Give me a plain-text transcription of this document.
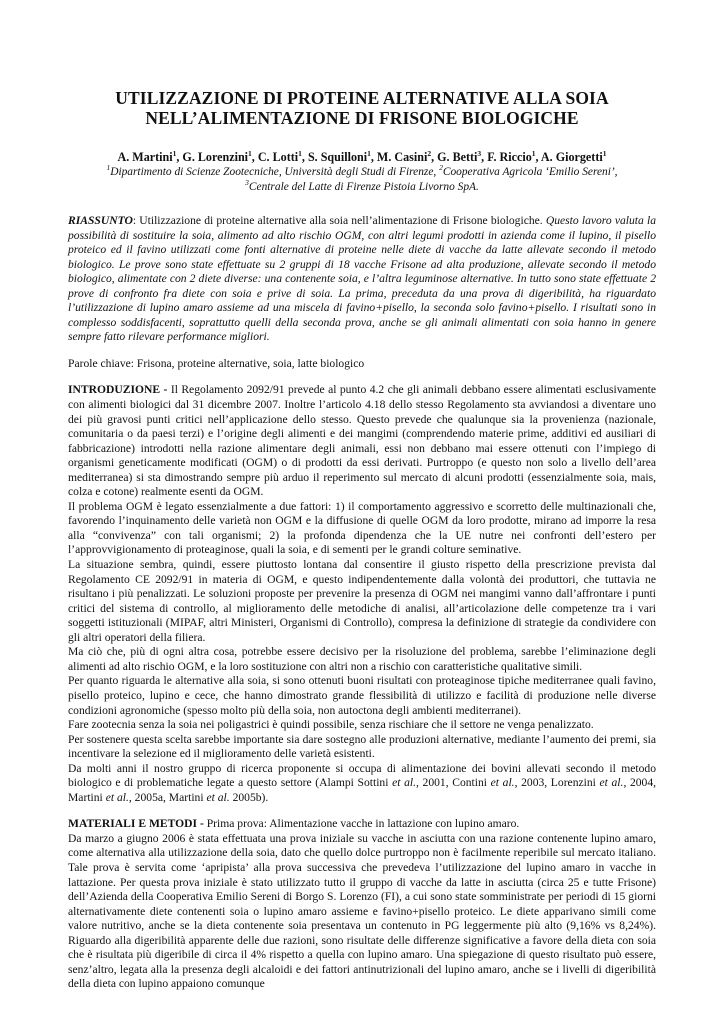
UTILIZZAZIONE DI PROTEINE ALTERNATIVE ALLA SOIA
NELL’ALIMENTAZIONE DI FRISONE BIOLOGICHE
A. Martini$^1$, G. Lorenzini$^1$, C. Lotti$^1$, S. Squilloni$^1$, M. Casini$^2$, G. Betti$^3$, F. Riccio$^1$, A. Giorgetti$^1$
$^1$Dipartimento di Scienze Zootecniche, Università degli Studi di Firenze, $^2$Cooperativa Agricola ‘Emilio Sereni’,
$^3$Centrale del Latte di Firenze Pistoia Livorno SpA.

RIASSUNTO: Utilizzazione di proteine alternative alla soia nell’alimentazione di Frisone biologiche. Questo lavoro valuta la possibilità di sostituire la soia, alimento ad alto rischio OGM, con altri legumi prodotti in azienda come il lupino, il pisello proteico ed il favino utilizzati come fonti alternative di proteine nelle diete di vacche da latte allevate secondo il metodo biologico. Le prove sono state effettuate su 2 gruppi di 18 vacche Frisone ad alta produzione, allevate secondo il metodo biologico, alimentate con 2 diete diverse: una contenente soia, e l’altra leguminose alternative. In tutto sono state effettuate 2 prove di confronto fra diete con soia e prive di soia. La prima, preceduta da una prova di digeribilità, ha riguardato l’utilizzazione di lupino amaro assieme ad una miscela di favino+pisello, la seconda solo favino+pisello. I risultati sono in complesso soddisfacenti, soprattutto quelli della seconda prova, anche se gli animali alimentati con soia hanno in genere sempre fatto rilevare performance migliori.

Parole chiave: Frisona, proteine alternative, soia, latte biologico

INTRODUZIONE - Il Regolamento 2092/91 prevede al punto 4.2 che gli animali debbano essere alimentati esclusivamente con alimenti biologici dal 31 dicembre 2007. Inoltre l’articolo 4.18 dello stesso Regolamento sta avviandosi a diventare uno dei più gravosi punti critici nell’applicazione dello stesso. Questo prevede che qualunque sia la provenienza (nazionale, comunitaria o da paesi terzi) e l’origine degli alimenti e dei mangimi (comprendendo materie prime, additivi ed ausiliari di fabbricazione) introdotti nella razione alimentare degli animali, essi non debbano mai essere ottenuti con l’impiego di organismi geneticamente modificati (OGM) o di prodotti da essi derivati. Purtroppo (e questo non solo a livello dell’area mediterranea) si sta dimostrando sempre più arduo il reperimento sul mercato di alcuni prodotti (essenzialmente soia, mais, colza e cotone) realmente esenti da OGM.

Il problema OGM è legato essenzialmente a due fattori: 1) il comportamento aggressivo e scorretto delle multinazionali che, favorendo l’inquinamento delle varietà non OGM e la diffusione di quelle OGM da loro prodotte, mirano ad imporre la resa alla “convivenza” con tali organismi; 2) la profonda dipendenza che la UE nutre nei confronti dell’estero per l’approvvigionamento di proteaginose, quali la soia, e di sementi per le grandi colture seminative.

La situazione sembra, quindi, essere piuttosto lontana dal consentire il giusto rispetto della prescrizione prevista dal Regolamento CE 2092/91 in materia di OGM, e questo indipendentemente dalla volontà dei produttori, che tuttavia ne risultano i più penalizzati. Le soluzioni proposte per prevenire la presenza di OGM nei mangimi vanno dall’affrontare i punti critici del sistema di controllo, al miglioramento delle metodiche di analisi, all’articolazione delle competenze tra i vari soggetti istituzionali (MIPAF, altri Ministeri, Organismi di Controllo), compresa la definizione di strategie da condividere con gli altri operatori della filiera.

Ma ciò che, più di ogni altra cosa, potrebbe essere decisivo per la risoluzione del problema, sarebbe l’eliminazione degli alimenti ad alto rischio OGM, e la loro sostituzione con altri non a rischio con caratteristiche qualitative simili.

Per quanto riguarda le alternative alla soia, si sono ottenuti buoni risultati con proteaginose tipiche mediterranee quali favino, pisello proteico, lupino e cece, che hanno dimostrato grande flessibilità di utilizzo e facilità di produzione nelle diverse condizioni agronomiche (spesso molto più della soia, non autoctona degli ambienti mediterranei).

Fare zootecnia senza la soia nei poligastrici è quindi possibile, senza rischiare che il settore ne venga penalizzato.

Per sostenere questa scelta sarebbe importante sia dare sostegno alle produzioni alternative, mediante l’aumento dei premi, sia incentivare la selezione ed il miglioramento delle varietà esistenti.

Da molti anni il nostro gruppo di ricerca proponente si occupa di alimentazione dei bovini allevati secondo il metodo biologico e di problematiche legate a questo settore (Alampi Sottini et al., 2001, Contini et al., 2003, Lorenzini et al., 2004, Martini et al., 2005a, Martini et al. 2005b).

MATERIALI E METODI - Prima prova: Alimentazione vacche in lattazione con lupino amaro.

Da marzo a giugno 2006 è stata effettuata una prova iniziale su vacche in asciutta con una razione contenente lupino amaro, come alternativa alla utilizzazione della soia, dato che quello dolce purtroppo non è facilmente reperibile sul mercato italiano. Tale prova è servita come ‘apripista’ alla prova successiva che prevedeva l’utilizzazione del lupino amaro in vacche in lattazione. Per questa prova iniziale è stato utilizzato tutto il gruppo di vacche da latte in asciutta (circa 25 e tutte Frisone) dell’Azienda della Cooperativa Emilio Sereni di Borgo S. Lorenzo (FI), a cui sono state somministrate per periodi di 15 giorni alternativamente diete contenenti soia o lupino amaro assieme e favino+pisello proteico. Le diete apparivano simili come valore nutritivo, anche se la dieta contenente soia presentava un contenuto in PG leggermente più alto (9,16% vs 8,24%). Riguardo alla digeribilità apparente delle due razioni, sono risultate delle differenze significative a favore della dieta con soia che è risultata più digeribile di circa il 4% rispetto a quella con lupino amaro. Una spiegazione di questo risultato può essere, senz’altro, legata alla la presenza degli alcaloidi e dei fattori antinutrizionali del lupino amaro, anche se i livelli di digeribilità della dieta con lupino appaiono comunque
